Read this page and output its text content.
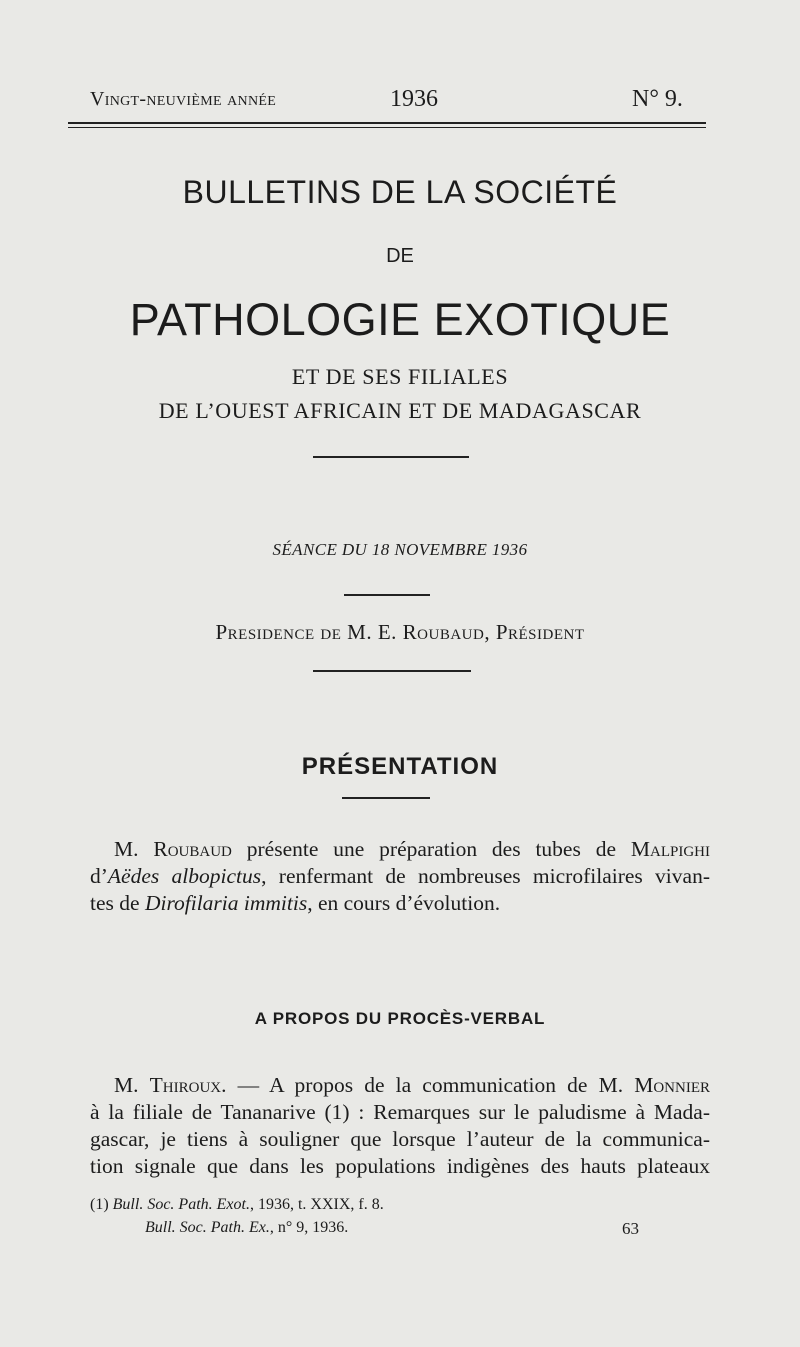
Vingt-neuvième année	1936	N° 9.
BULLETINS DE LA SOCIÉTÉ
DE
PATHOLOGIE EXOTIQUE
ET DE SES FILIALES
DE L’OUEST AFRICAIN ET DE MADAGASCAR
SÉANCE DU 18 NOVEMBRE 1936
Presidence de M. E. Roubaud, Président
PRÉSENTATION
M. Roubaud présente une préparation des tubes de Malpighi
d’Aëdes albopictus, renfermant de nombreuses microfilaires vivan-
tes de Dirofilaria immitis, en cours d’évolution.
A PROPOS DU PROCÈS-VERBAL
M. Thiroux. — A propos de la communication de M. Monnier
à la filiale de Tananarive (1) : Remarques sur le paludisme à Mada-
gascar, je tiens à souligner que lorsque l’auteur de la communica-
tion signale que dans les populations indigènes des hauts plateaux
(1) Bull. Soc. Path. Exot., 1936, t. XXIX, f. 8.
Bull. Soc. Path. Ex., n° 9, 1936.	63
